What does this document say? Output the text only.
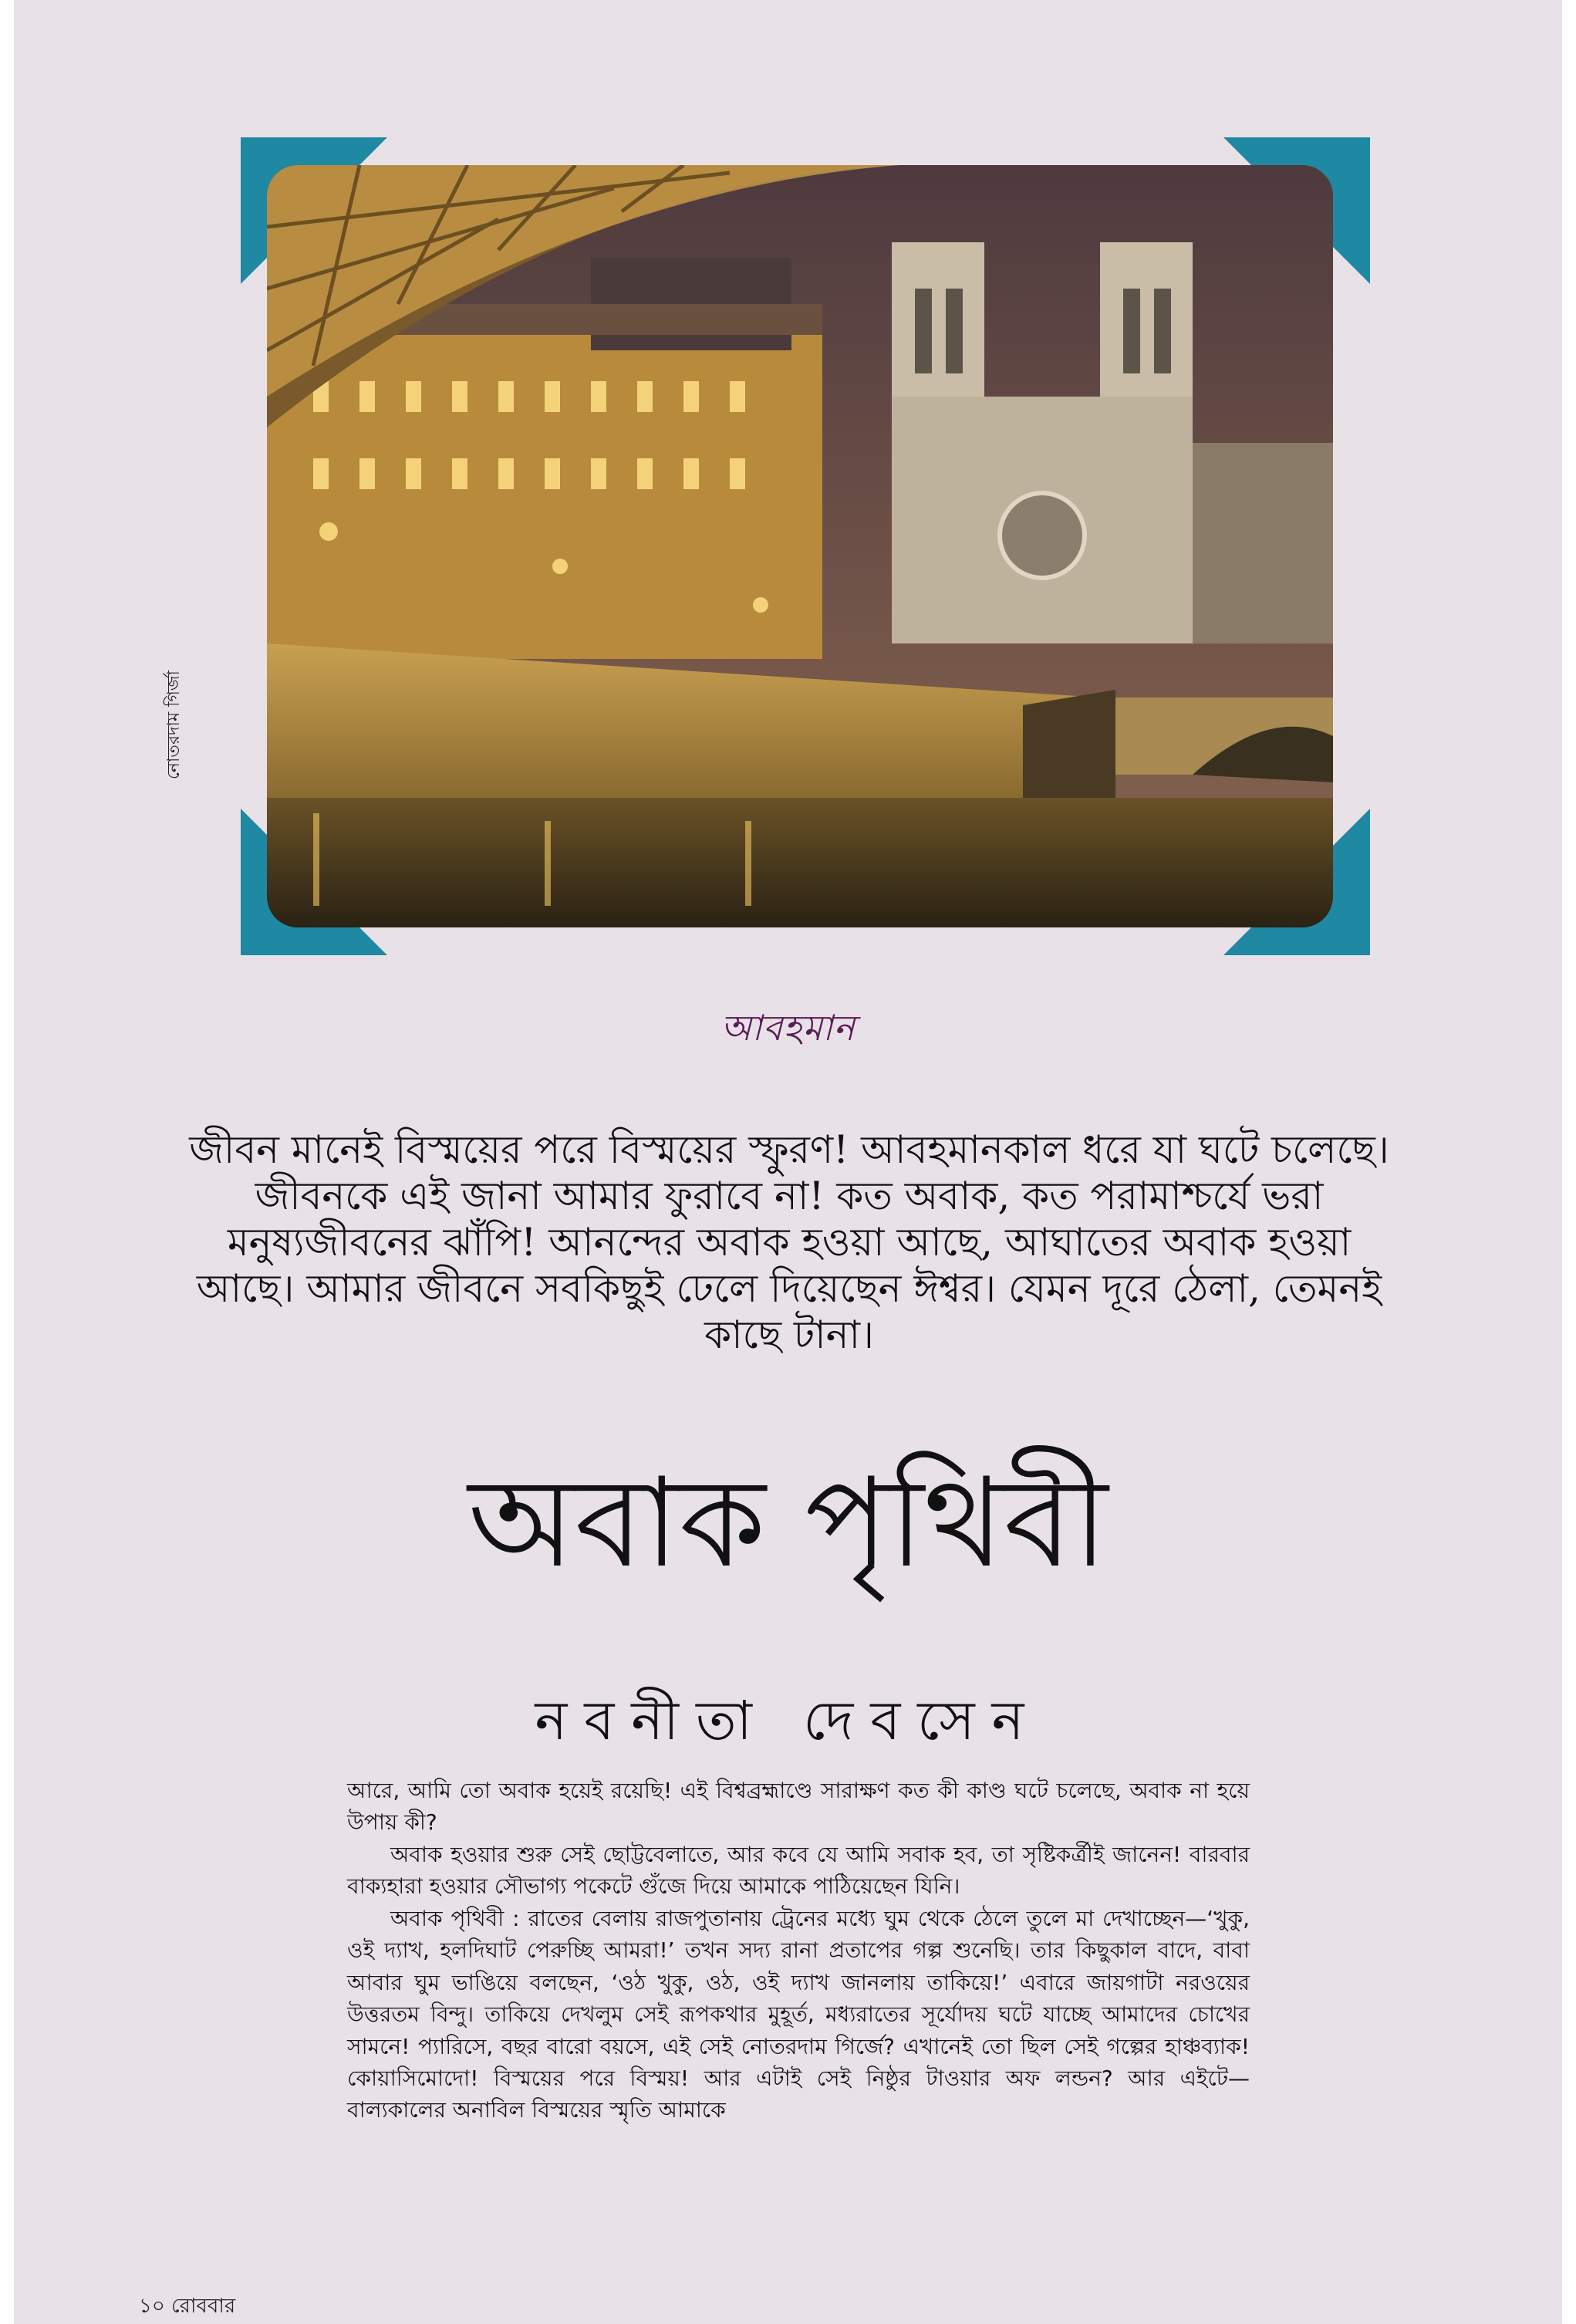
নোতরদাম গির্জা
আবহমান

জীবন মানেই বিস্ময়ের পরে বিস্ময়ের স্ফুরণ! আবহমানকাল ধরে যা ঘটে চলেছে। জীবনকে এই জানা আমার ফুরাবে না! কত অবাক, কত পরামাশ্চর্যে ভরা মনুষ্যজীবনের ঝাঁপি! আনন্দের অবাক হওয়া আছে, আঘাতের অবাক হওয়া আছে। আমার জীবনে সবকিছুই ঢেলে দিয়েছেন ঈশ্বর। যেমন দূরে ঠেলা, তেমনই কাছে টানা।

অবাক পৃথিবী
নবনীতা দেবসেন

আরে, আমি তো অবাক হয়েই রয়েছি! এই বিশ্বব্রহ্মাণ্ডে সারাক্ষণ কত কী কাণ্ড ঘটে চলেছে, অবাক না হয়ে উপায় কী?

অবাক হওয়ার শুরু সেই ছোট্টবেলাতে, আর কবে যে আমি সবাক হব, তা সৃষ্টিকর্ত্রীই জানেন! বারবার বাক্যহারা হওয়ার সৌভাগ্য পকেটে গুঁজে দিয়ে আমাকে পাঠিয়েছেন যিনি।

অবাক পৃথিবী : রাতের বেলায় রাজপুতানায় ট্রেনের মধ্যে ঘুম থেকে ঠেলে তুলে মা দেখাচ্ছেন—‘খুকু, ওই দ্যাখ, হলদিঘাট পেরুচ্ছি আমরা!’ তখন সদ্য রানা প্রতাপের গল্প শুনেছি। তার কিছুকাল বাদে, বাবা আবার ঘুম ভাঙিয়ে বলছেন, ‘ওঠ খুকু, ওঠ, ওই দ্যাখ জানলায় তাকিয়ে!’ এবারে জায়গাটা নরওয়ের উত্তরতম বিন্দু। তাকিয়ে দেখলুম সেই রূপকথার মুহূর্ত, মধ্যরাতের সূর্যোদয় ঘটে যাচ্ছে আমাদের চোখের সামনে! প্যারিসে, বছর বারো বয়সে, এই সেই নোতরদাম গির্জে? এখানেই তো ছিল সেই গল্পের হাঞ্চব্যাক! কোয়াসিমোদো! বিস্ময়ের পরে বিস্ময়! আর এটাই সেই নিষ্ঠুর টাওয়ার অফ লন্ডন? আর এইটে—বাল্যকালের অনাবিল বিস্ময়ের স্মৃতি আমাকে

১০ রোববার
